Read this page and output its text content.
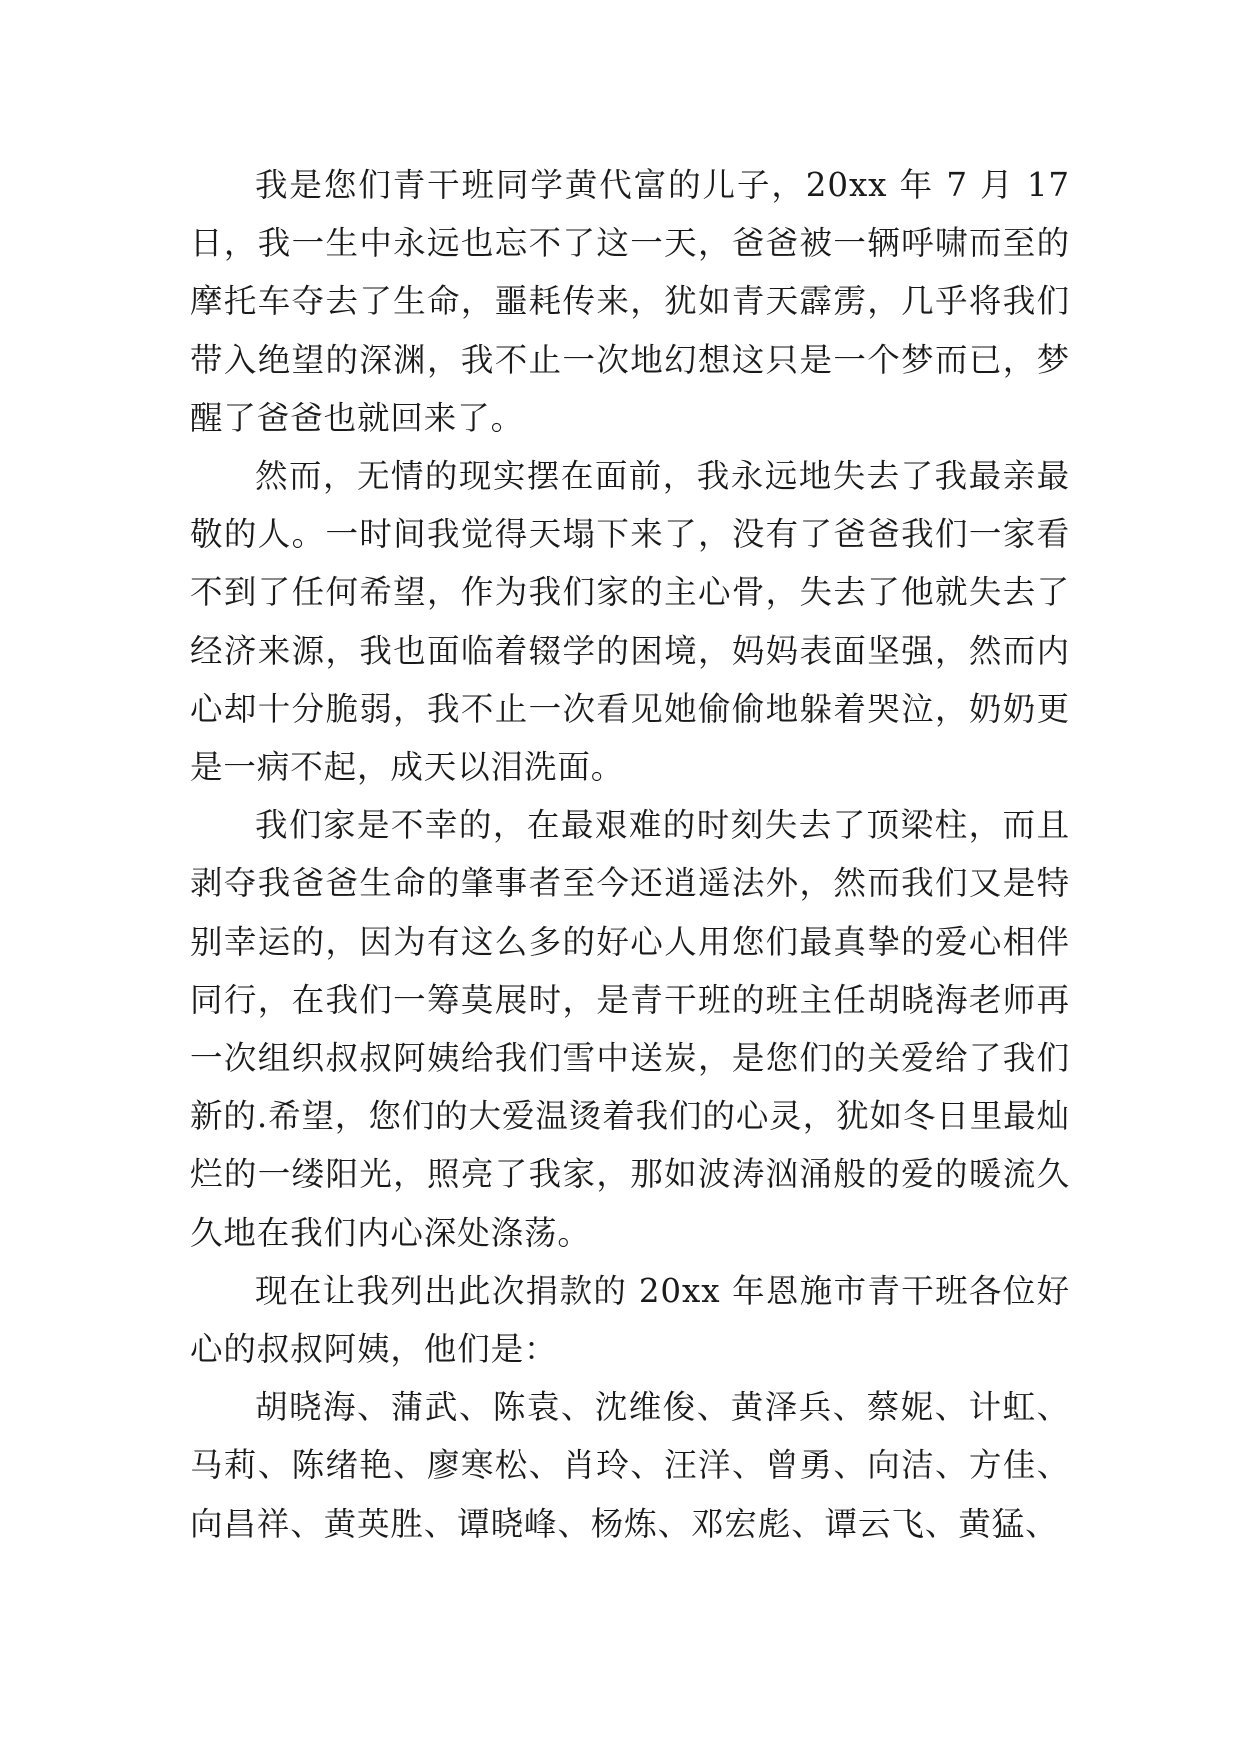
我是您们青干班同学黄代富的儿子，20xx 年 7 月 17 日，我一生中永远也忘不了这一天，爸爸被一辆呼啸而至的摩托车夺去了生命，噩耗传来，犹如青天霹雳，几乎将我们带入绝望的深渊，我不止一次地幻想这只是一个梦而已，梦醒了爸爸也就回来了。

然而，无情的现实摆在面前，我永远地失去了我最亲最敬的人。一时间我觉得天塌下来了，没有了爸爸我们一家看不到了任何希望，作为我们家的主心骨，失去了他就失去了经济来源，我也面临着辍学的困境，妈妈表面坚强，然而内心却十分脆弱，我不止一次看见她偷偷地躲着哭泣，奶奶更是一病不起，成天以泪洗面。

我们家是不幸的，在最艰难的时刻失去了顶梁柱，而且剥夺我爸爸生命的肇事者至今还逍遥法外，然而我们又是特别幸运的，因为有这么多的好心人用您们最真挚的爱心相伴同行，在我们一筹莫展时，是青干班的班主任胡晓海老师再一次组织叔叔阿姨给我们雪中送炭，是您们的关爱给了我们新的.希望，您们的大爱温烫着我们的心灵，犹如冬日里最灿烂的一缕阳光，照亮了我家，那如波涛汹涌般的爱的暖流久久地在我们内心深处涤荡。

现在让我列出此次捐款的 20xx 年恩施市青干班各位好心的叔叔阿姨，他们是：

胡晓海、蒲武、陈袁、沈维俊、黄泽兵、蔡妮、计虹、马莉、陈绪艳、廖寒松、肖玲、汪洋、曾勇、向洁、方佳、向昌祥、黄英胜、谭晓峰、杨炼、邓宏彪、谭云飞、黄猛、
